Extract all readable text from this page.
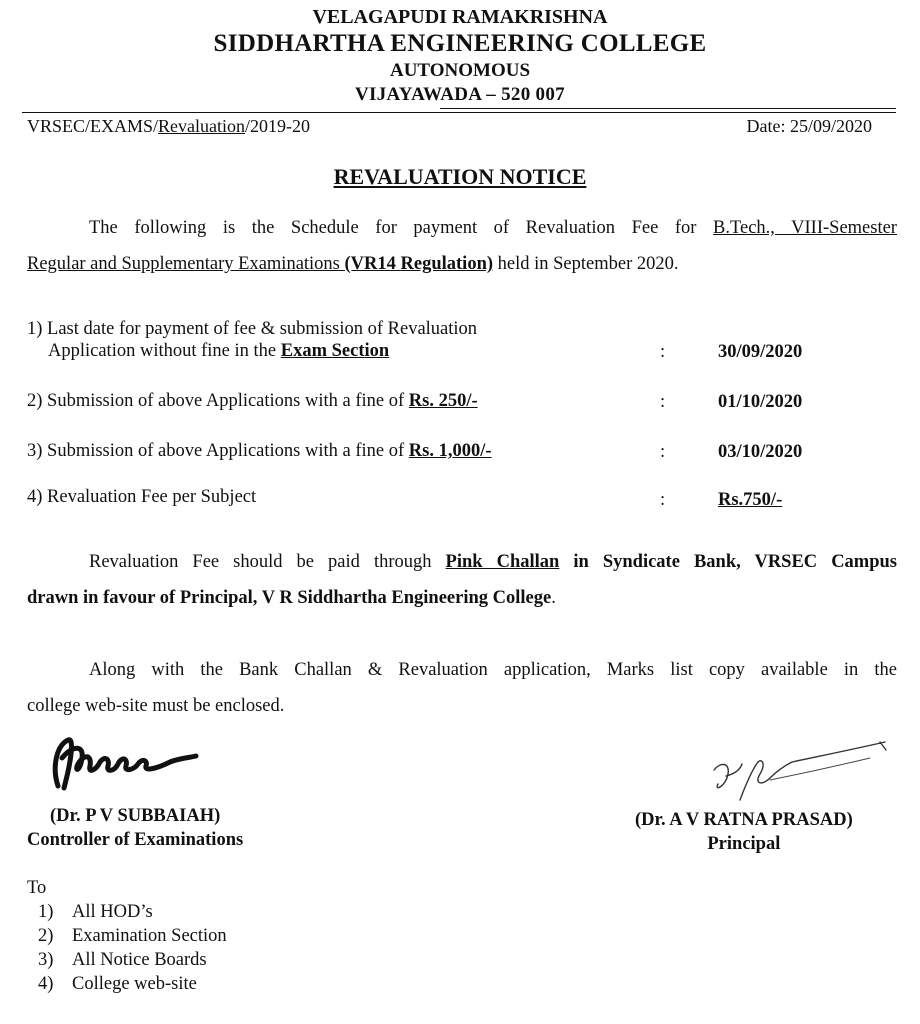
VELAGAPUDI RAMAKRISHNA
SIDDHARTHA ENGINEERING COLLEGE
AUTONOMOUS
VIJAYAWADA – 520 007
VRSEC/EXAMS/Revaluation/2019-20	Date: 25/09/2020
REVALUATION NOTICE
The following is the Schedule for payment of Revaluation Fee for B.Tech., VIII-Semester
Regular and Supplementary Examinations (VR14 Regulation) held in September 2020.
1) Last date for payment of fee & submission of Revaluation
Application without fine in the Exam Section	:	30/09/2020
2) Submission of above Applications with a fine of Rs. 250/-	:	01/10/2020
3) Submission of above Applications with a fine of Rs. 1,000/-	:	03/10/2020
4) Revaluation Fee per Subject	:	Rs.750/-
Revaluation Fee should be paid through Pink Challan in Syndicate Bank, VRSEC Campus
drawn in favour of Principal, V R Siddhartha Engineering College.
Along with the Bank Challan & Revaluation application, Marks list copy available in the
college web-site must be enclosed.
(Dr. P V SUBBAIAH)
Controller of Examinations
(Dr. A V RATNA PRASAD)
Principal
To
1) All HOD’s
2) Examination Section
3) All Notice Boards
4) College web-site
